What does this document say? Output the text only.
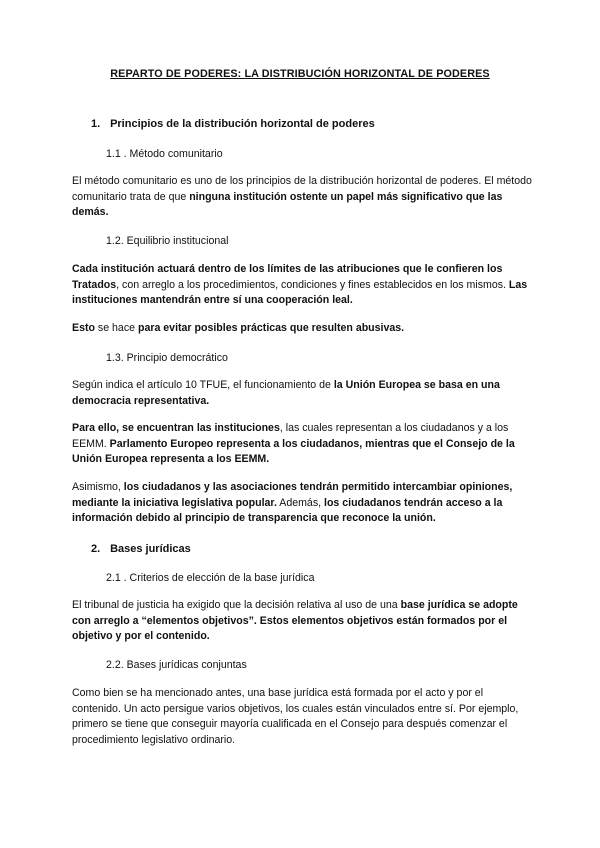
REPARTO DE PODERES: LA DISTRIBUCIÓN HORIZONTAL DE PODERES
1. Principios de la distribución horizontal de poderes
1.1 . Método comunitario
El método comunitario es uno de los principios de la distribución horizontal de poderes. El método comunitario trata de que ninguna institución ostente un papel más significativo que las demás.
1.2. Equilibrio institucional
Cada institución actuará dentro de los límites de las atribuciones que le confieren los Tratados, con arreglo a los procedimientos, condiciones y fines establecidos en los mismos. Las instituciones mantendrán entre sí una cooperación leal.
Esto se hace para evitar posibles prácticas que resulten abusivas.
1.3. Principio democrático
Según indica el artículo 10 TFUE, el funcionamiento de la Unión Europea se basa en una democracia representativa.
Para ello, se encuentran las instituciones, las cuales representan a los ciudadanos y a los EEMM. Parlamento Europeo representa a los ciudadanos, mientras que el Consejo de la Unión Europea representa a los EEMM.
Asimismo, los ciudadanos y las asociaciones tendrán permitido intercambiar opiniones, mediante la iniciativa legislativa popular. Además, los ciudadanos tendrán acceso a la información debido al principio de transparencia que reconoce la unión.
2. Bases jurídicas
2.1 . Criterios de elección de la base jurídica
El tribunal de justicia ha exigido que la decisión relativa al uso de una base jurídica se adopte con arreglo a “elementos objetivos”. Estos elementos objetivos están formados por el objetivo y por el contenido.
2.2. Bases jurídicas conjuntas
Como bien se ha mencionado antes, una base jurídica está formada por el acto y por el contenido. Un acto persigue varios objetivos, los cuales están vinculados entre sí. Por ejemplo, primero se tiene que conseguir mayoría cualificada en el Consejo para después comenzar el procedimiento legislativo ordinario.
